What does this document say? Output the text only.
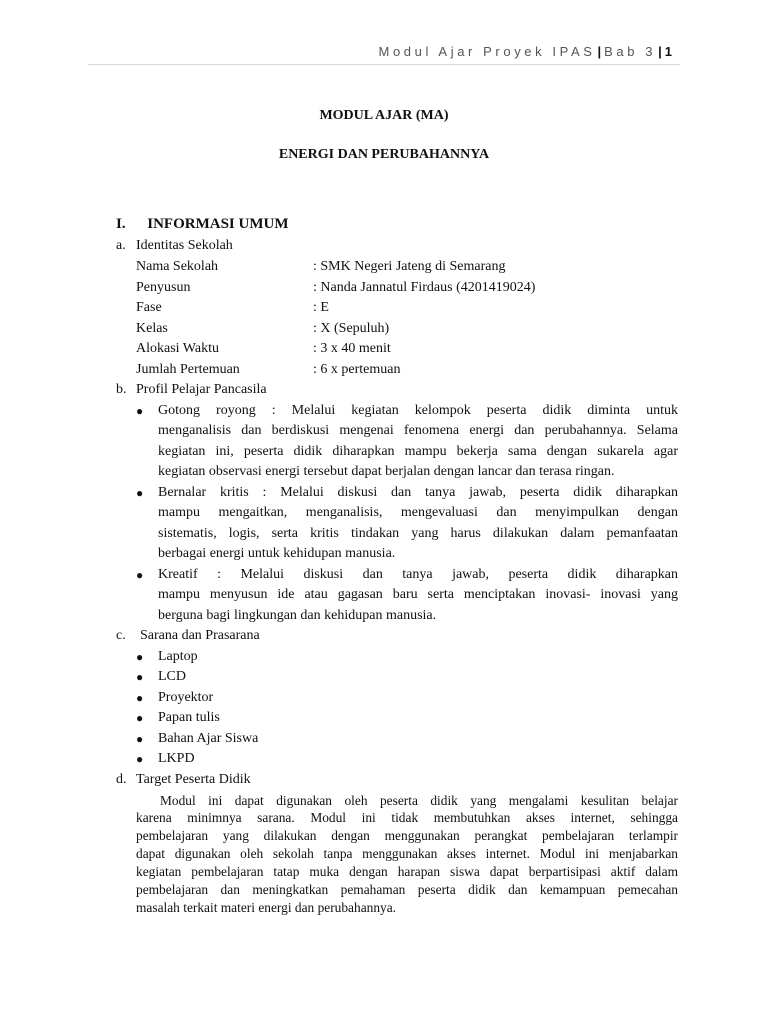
Modul Ajar Proyek IPAS | Bab 3 | 1
MODUL AJAR (MA)
ENERGI DAN PERUBAHANNYA
I. INFORMASI UMUM
a. Identitas Sekolah
Nama Sekolah	: SMK Negeri Jateng di Semarang
Penyusun	: Nanda Jannatul Firdaus (4201419024)
Fase	: E
Kelas	: X (Sepuluh)
Alokasi Waktu	: 3 x 40 menit
Jumlah Pertemuan	: 6 x pertemuan
b. Profil Pelajar Pancasila
● Gotong royong : Melalui kegiatan kelompok peserta didik diminta untuk
menganalisis dan berdiskusi mengenai fenomena energi dan perubahannya. Selama
kegiatan ini, peserta didik diharapkan mampu bekerja sama dengan sukarela agar
kegiatan observasi energi tersebut dapat berjalan dengan lancar dan terasa ringan.
● Bernalar kritis : Melalui diskusi dan tanya jawab, peserta didik diharapkan
mampu mengaitkan, menganalisis, mengevaluasi dan menyimpulkan dengan
sistematis, logis, serta kritis tindakan yang harus dilakukan dalam pemanfaatan
berbagai energi untuk kehidupan manusia.
● Kreatif : Melalui diskusi dan tanya jawab, peserta didik diharapkan
mampu menyusun ide atau gagasan baru serta menciptakan inovasi- inovasi yang
berguna bagi lingkungan dan kehidupan manusia.
c. Sarana dan Prasarana
● Laptop
● LCD
● Proyektor
● Papan tulis
● Bahan Ajar Siswa
● LKPD
d. Target Peserta Didik
Modul ini dapat digunakan oleh peserta didik yang mengalami kesulitan belajar
karena minimnya sarana. Modul ini tidak membutuhkan akses internet, sehingga
pembelajaran yang dilakukan dengan menggunakan perangkat pembelajaran terlampir
dapat digunakan oleh sekolah tanpa menggunakan akses internet. Modul ini menjabarkan
kegiatan pembelajaran tatap muka dengan harapan siswa dapat berpartisipasi aktif dalam
pembelajaran dan meningkatkan pemahaman peserta didik dan kemampuan pemecahan
masalah terkait materi energi dan perubahannya.
